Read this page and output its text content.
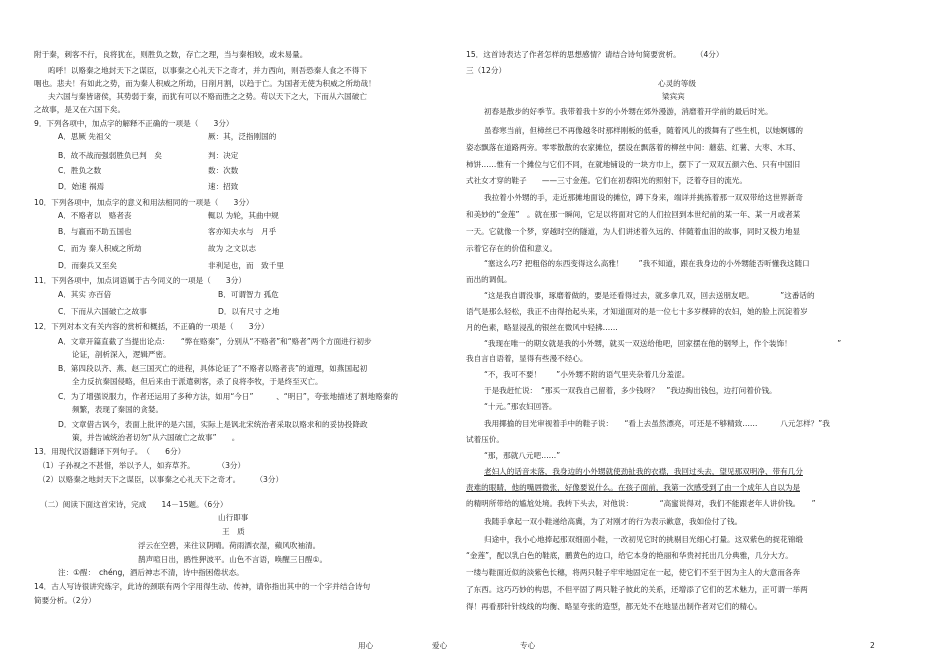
附于秦，刺客不行，良将犹在，则胜负之数，存亡之理，当与秦相较，或未易量。
呜呼！以赂秦之地封天下之谋臣，以事秦之心礼天下之奇才，并力西向，则吾恐秦人食之不得下
咽也。悲夫！有如此之势，而为秦人积威之所劫，日削月割，以趋于亡。为国者无使为积威之所劫哉！
夫六国与秦皆诸侯，其势弱于秦，而犹有可以不赂而胜之之势。苟以天下之大，下而从六国破亡
之故事，是又在六国下矣。
9．下列各项中，加点字的解释不正确的一项是（　　3分）
A．思厥 先祖父	厥：其，泛指刚国的
B．故不战而强弱胜负已判　矣	判：决定
C．胜负之数	数：次数
D．始速 祸焉	速：招致
10．下列各项中，加点字的意义和用法相同的一项是（　　3分）
A．不赂者以　赂者丧	輒以 为轮，其曲中规
B．与嬴而不助五国也	客亦知夫水与　月乎
C．而为 秦人积威之所劫	故为 之文以志
D．而秦兵又至矣	非利足也，而　致千里
11．下列各项中，加点词语属于古今同义的一项是（　　3分）
A．其实 亦百倍	B．可谓智力 孤危
C．下而从六国破亡之故事	D．以有尺寸 之地
12．下列对本文有关内容的赏析和概括，不正确的一项是（　　3分）
A．文章开篇直截了当提出论点：　　“弊在赂秦”，分别从“不赂者”和“赂者”两个方面进行初步
论证，剖析深入，逻辑严密。
B．第四段以齐、燕、赵三国灭亡的进程，具体论证了“不赂者以赂者丧”的道理，如燕国起初
全力反抗秦国侵略，但后来由于派遣刺客，杀了良将李牧，于是终至灭亡。
C．为了增强说服力，作者还运用了多种方法，如用“今日”　　　、“明日”，夸张地描述了割地赂秦的
频繁，表现了秦国的贪婪。
D．文章借古讽今，表面上批评的是六国，实际上是讽北宋统治者采取以赂求和的妥协投降政
策，并告诫统治者切勿“从六国破亡之故事”　　。
13．用现代汉语翻译下列句子。　（　　6分）
（1）子孙视之不甚惜，举以予人，如弃草芥。　　　　（3分）
（2）以赂秦之地封天下之谋臣，以事秦之心礼天下之奇才。　　　（3分）
（二）阅读下面这首宋诗，完成　　14－15题。（6分）
山行即事
王　质
浮云在空碧，来往议阴晴。荷雨洒衣湿，蘋风吹袖清。
鹊声喧日出，鸥性狎波平。山色不言语，唤醒三日酲①。
注：①酲：　chéng，酒后神志不清，诗中指困倦状态。
14．古人写诗很讲究炼字，此诗的颈联有两个字用得生动、传神，请你指出其中的一个字并结合诗句
简要分析。（2分）
15．这首诗表达了作者怎样的思想感情？请结合诗句简要赏析。　　　（4分）
三（12分）
心灵的等级
梁宾宾
初春是散步的好季节。我带着我十岁的小外甥在郊外漫游，消磨着开学前的最后时光。
虽春寒当前，但樟丝已不再像越冬时那样刚板的低垂，随着风儿的拨舞有了些生机，以她婀娜的
姿态飘落在道路两旁。零零散散的农家摊位，摆设在飘落着的柳丝中间：蘑菇、红薯、大枣、木耳、
柿饼……惟有一个摊位与它们不同，在就地铺设的一块方巾上，摆下了一双双五颜六色、只有中国旧
式社女才穿的鞋子　　——三寸金莲。它们在初春阳光的照射下，泛着夺目的流光。
我拉着小外甥的手，走近那摊地面设的摊位，蹲下身来，端详并挑拣着那一双双带给这世界新奇
和美妙的“金莲”　。就在那一瞬间，它足以将面对它的人们拉回到本世纪前的某一年、某一月或者某
一天。它就像一个梦，穿越时空的隧道，为人们讲述着久远的、伴随着血泪的故事，同时又极力地显
示着它存在的价值和意义。
“塞这么巧? 把粗俗的东西变得这么高雅！　　”我不知道，跟在我身边的小外甥能否听懂我这随口
而出的调侃。
“这是我自谓没事，琢磨着做的，要是还看得过去，就多拿几双，回去送朋友吧。　　　　”这番话的
语气是那么轻松，我正不由得抬起头来，才知道面对的是一位七十多岁棵碎的农妇，她的脸上沉淀着岁
月的色素，略显浸乱的银丝在微风中轻拂……
“我现在唯一的期女就是我的小外甥，就买一双送给他吧，回家摆在他的钢琴上，作个装饰！　　　　　　”
我自言自语着，显得有些漫不经心。
“不，我可不要！　　”小外甥不附的语气里夹杂着几分羞涩。
于是我赶忙说：　“那买一双我自己留着，多少钱呀？　”我边掏出钱包，边打问着价钱。
“十元。”那农妇回答。
我用揶揄的目光审视着手中的鞋子说：　　“看上去虽然漂亮，可还是不够精致……　　　八元怎样？”我
试着压价。
“那，那就八元吧……”
老妇人的话音未落，我身边的小外甥就使劲扯我的衣襟，我回过头去，望见那双明净、带有几分
责难的眼睛，他的嘴唇微张，好像要说什么。在孩子面前，我第一次感受到了由一个成年人自以为是
的精明所带给的尴尬处境。我转下头去，对他说：　　　　“高蜜说得对，我们不能跟老年人讲价钱。　　”
我随手拿起一双小鞋递给高冀，为了对刚才的行为表示歉意，我如俭付了钱。
归途中，我小心地捧起那双细面小鞋，一改初见它时的挑剔目光细心打量。这双紫色的捉花锦缎
“金莲”，配以乳白色的鞋底，鹏黄色的边口，给它本身的艳丽和华贵衬托出几分典雅，几分大方。
一缕与鞋面近似的淡紫色长穗，将两只鞋子牢牢地固定在一起，使它们不至于因为主人的大意而各奔
了东西。这巧巧妙的构思，不但平固了两只鞋子彼此的关系，还增添了它们的艺术魅力，正可谓一举两
得！再看那针针线线的均衡、略显夸张的造型，都无处不在地显出制作者对它们的精心。
用心	爱心	专心	2
